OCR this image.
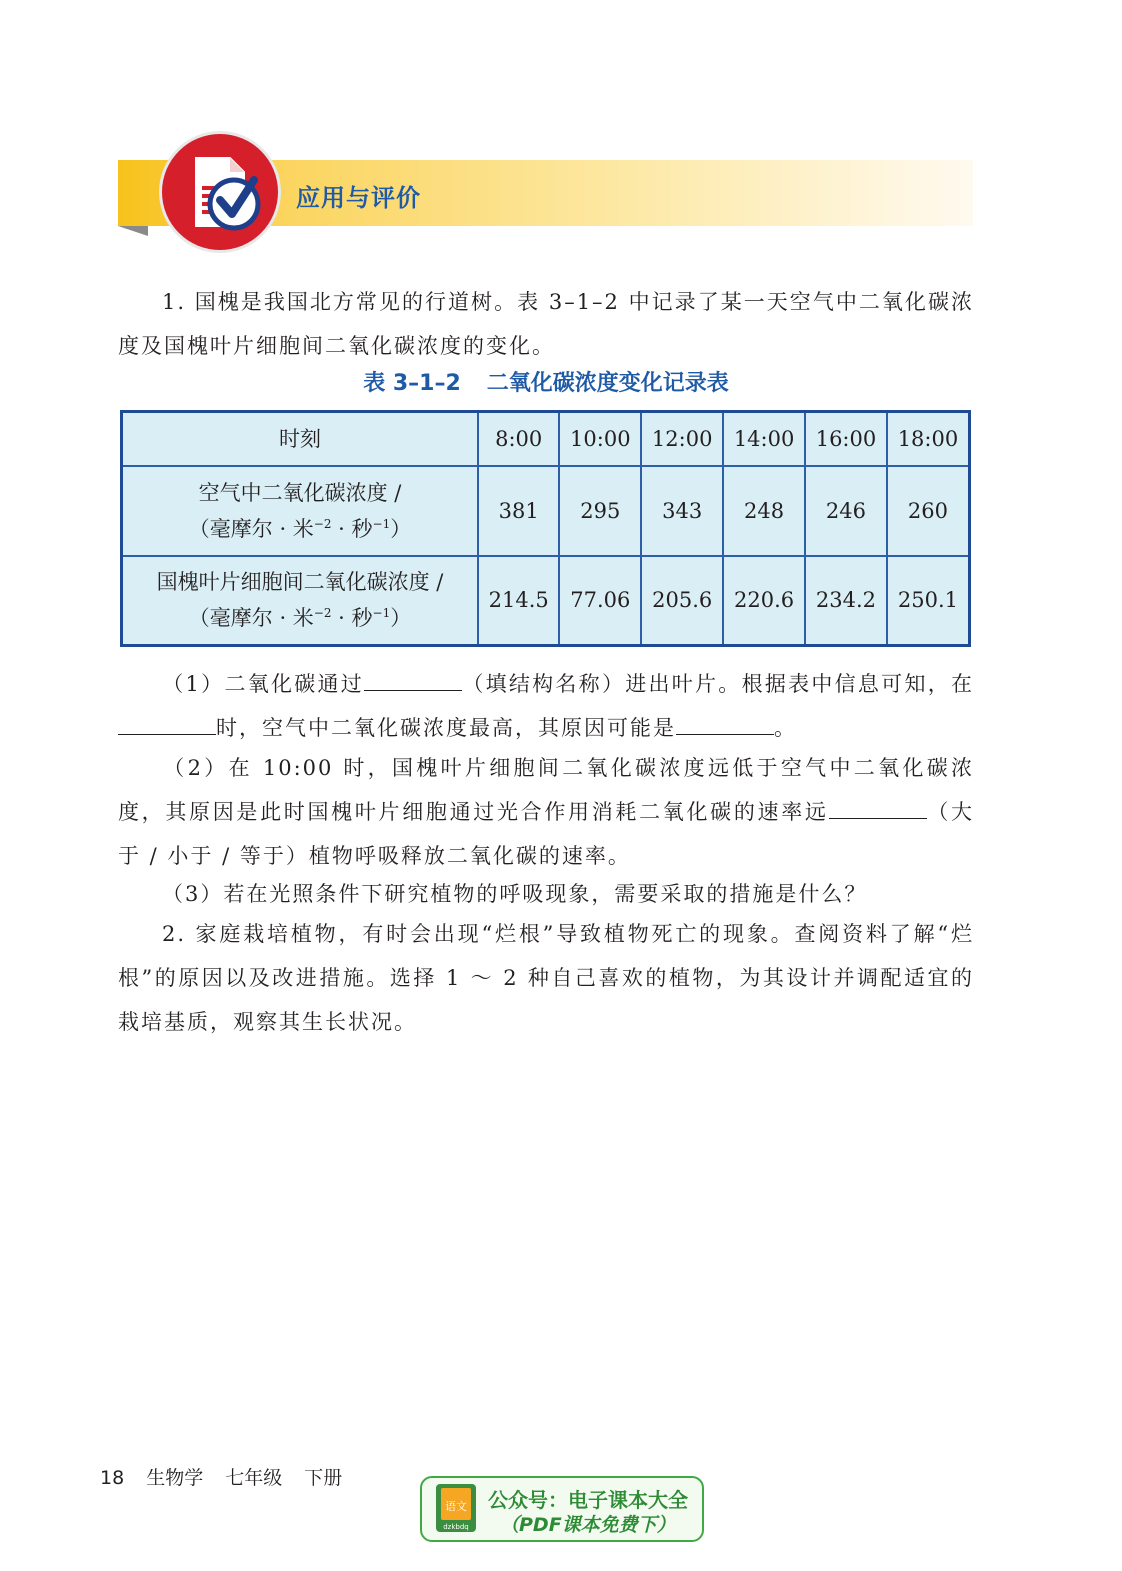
应用与评价

1. 国槐是我国北方常见的行道树。表 3–1–2 中记录了某一天空气中二氧化碳浓度及国槐叶片细胞间二氧化碳浓度的变化。

表 3–1–2 二氧化碳浓度变化记录表
时刻	8:00	10:00	12:00	14:00	16:00	18:00

空气中二氧化碳浓度 /
（毫摩尔 · 米$^{-2}$ · 秒$^{-1}$）	381	295	343	248	246	260

国槐叶片细胞间二氧化碳浓度 /
（毫摩尔 · 米$^{-2}$ · 秒$^{-1}$）	214.5	77.06	205.6	220.6	234.2	250.1

（1）二氧化碳通过	（填结构名称）进出叶片。根据表中信息可知，在时，空气中二氧化碳浓度最高，其原因可能是	。

（2）在 10:00 时，国槐叶片细胞间二氧化碳浓度远低于空气中二氧化碳浓度，其原因是此时国槐叶片细胞通过光合作用消耗二氧化碳的速率远	（大于 / 小于 / 等于）植物呼吸释放二氧化碳的速率。

（3）若在光照条件下研究植物的呼吸现象，需要采取的措施是什么？

2. 家庭栽培植物，有时会出现“烂根”导致植物死亡的现象。查阅资料了解“烂根”的原因以及改进措施。选择 1 ～ 2 种自己喜欢的植物，为其设计并调配适宜的栽培基质，观察其生长状况。

18 生物学 七年级 下册
语文
dzkbdq
公众号：电子课本大全
（PDF课本免费下）
